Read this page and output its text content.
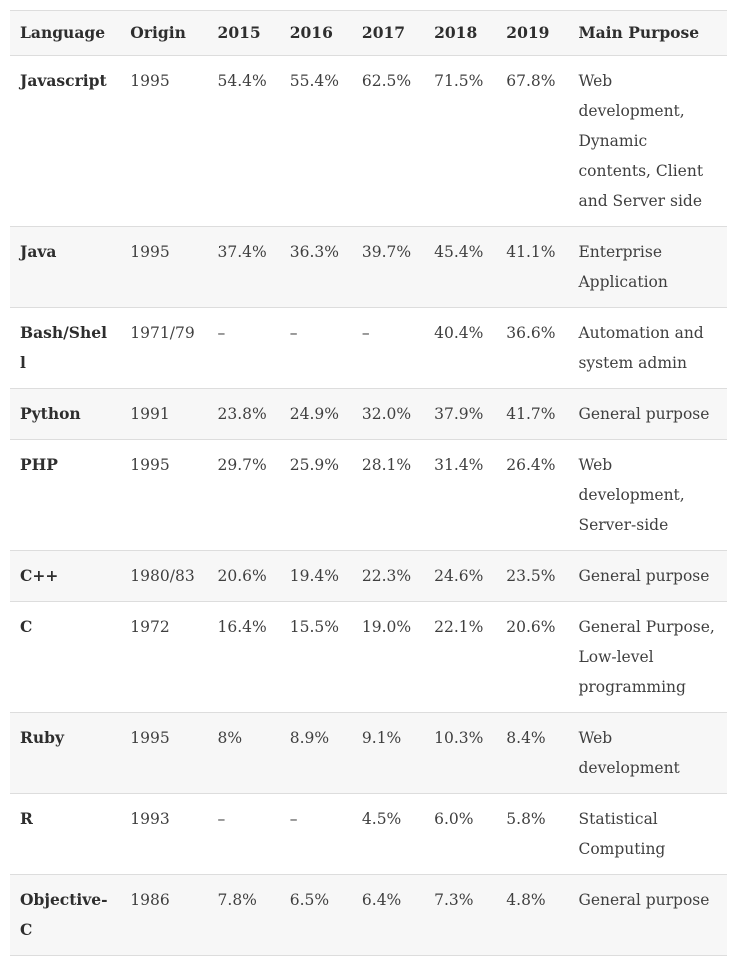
Language	Origin	2015	2016	2017	2018	2019	Main Purpose
Javascript	1995	54.4%	55.4%	62.5%	71.5%	67.8%	Web development, Dynamic contents, Client and Server side
Java	1995	37.4%	36.3%	39.7%	45.4%	41.1%	Enterprise Application
Bash/Shell	1971/79	–	–	–	40.4%	36.6%	Automation and system admin
Python	1991	23.8%	24.9%	32.0%	37.9%	41.7%	General purpose
PHP	1995	29.7%	25.9%	28.1%	31.4%	26.4%	Web development, Server-side
C++	1980/83	20.6%	19.4%	22.3%	24.6%	23.5%	General purpose
C	1972	16.4%	15.5%	19.0%	22.1%	20.6%	General Purpose, Low-level programming
Ruby	1995	8%	8.9%	9.1%	10.3%	8.4%	Web development
R	1993	–	–	4.5%	6.0%	5.8%	Statistical Computing
Objective-C	1986	7.8%	6.5%	6.4%	7.3%	4.8%	General purpose
